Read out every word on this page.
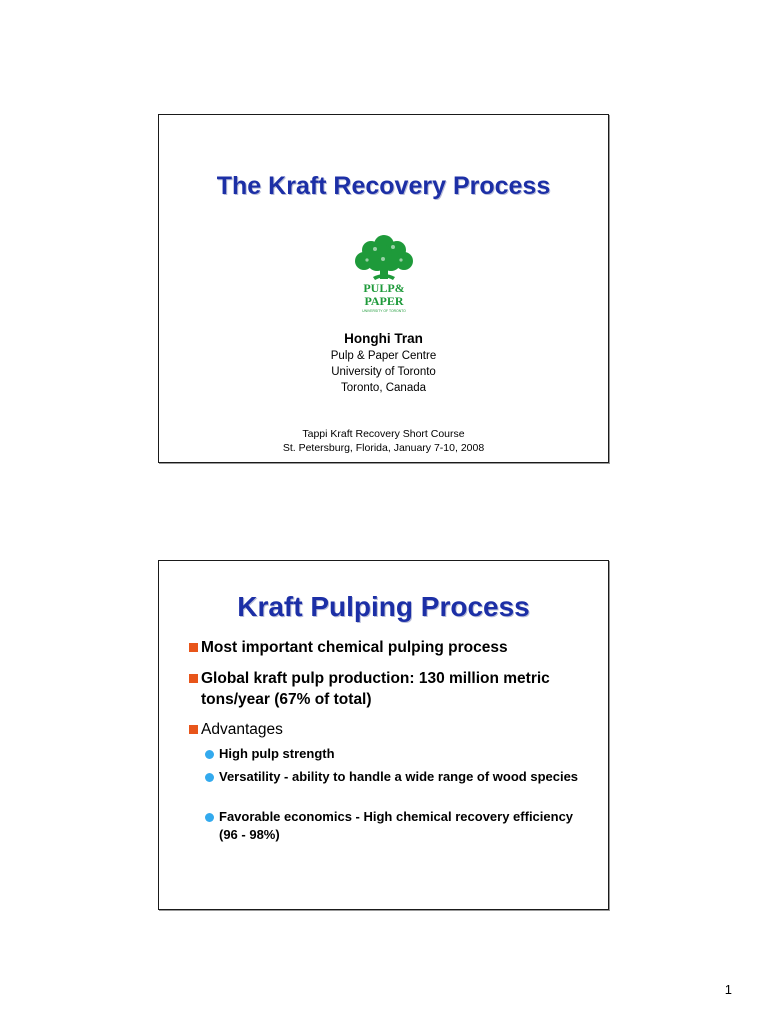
The Kraft Recovery Process
PULP&
PAPER
UNIVERSITY OF TORONTO
Honghi Tran
Pulp & Paper Centre
University of Toronto
Toronto, Canada
Tappi Kraft Recovery Short Course
St. Petersburg, Florida, January 7-10, 2008
Kraft Pulping Process
Most important chemical pulping process
Global kraft pulp production: 130 million metric tons/year (67% of total)
Advantages
High pulp strength
Versatility - ability to handle a wide range of wood species
Favorable economics - High chemical recovery efficiency (96 - 98%)
1
